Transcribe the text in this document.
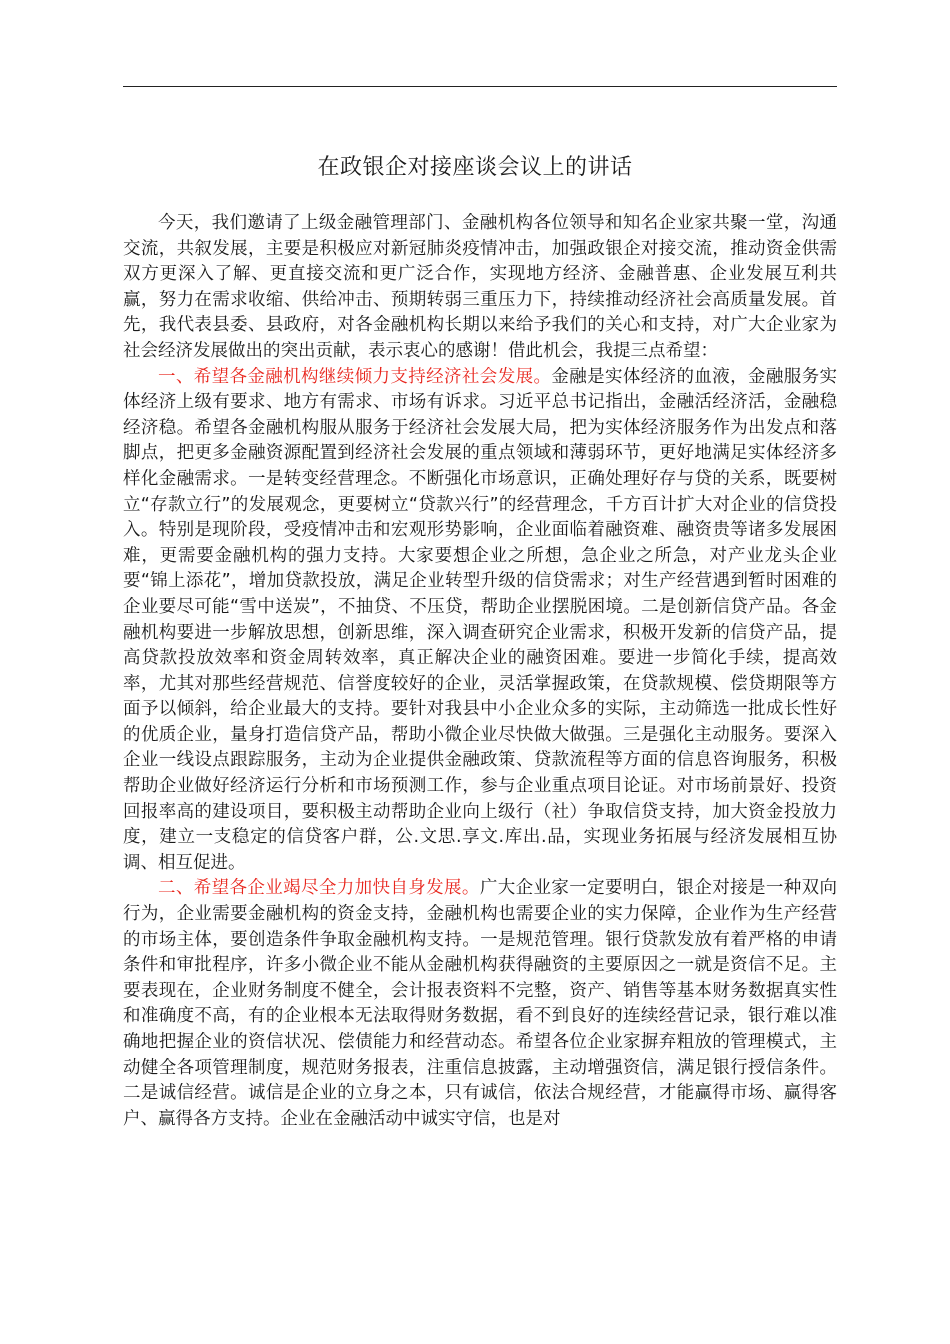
在政银企对接座谈会议上的讲话

今天，我们邀请了上级金融管理部门、金融机构各位领导和知名企业家共聚一堂，沟通交流，共叙发展，主要是积极应对新冠肺炎疫情冲击，加强政银企对接交流，推动资金供需双方更深入了解、更直接交流和更广泛合作，实现地方经济、金融普惠、企业发展互利共赢，努力在需求收缩、供给冲击、预期转弱三重压力下，持续推动经济社会高质量发展。首先，我代表县委、县政府，对各金融机构长期以来给予我们的关心和支持，对广大企业家为社会经济发展做出的突出贡献，表示衷心的感谢！借此机会，我提三点希望：

一、希望各金融机构继续倾力支持经济社会发展。金融是实体经济的血液，金融服务实体经济上级有要求、地方有需求、市场有诉求。习近平总书记指出，金融活经济活，金融稳经济稳。希望各金融机构服从服务于经济社会发展大局，把为实体经济服务作为出发点和落脚点，把更多金融资源配置到经济社会发展的重点领域和薄弱环节，更好地满足实体经济多样化金融需求。一是转变经营理念。不断强化市场意识，正确处理好存与贷的关系，既要树立“存款立行”的发展观念，更要树立“贷款兴行”的经营理念，千方百计扩大对企业的信贷投入。特别是现阶段，受疫情冲击和宏观形势影响，企业面临着融资难、融资贵等诸多发展困难，更需要金融机构的强力支持。大家要想企业之所想，急企业之所急，对产业龙头企业要“锦上添花”，增加贷款投放，满足企业转型升级的信贷需求；对生产经营遇到暂时困难的企业要尽可能“雪中送炭”，不抽贷、不压贷，帮助企业摆脱困境。二是创新信贷产品。各金融机构要进一步解放思想，创新思维，深入调查研究企业需求，积极开发新的信贷产品，提高贷款投放效率和资金周转效率，真正解决企业的融资困难。要进一步简化手续，提高效率，尤其对那些经营规范、信誉度较好的企业，灵活掌握政策，在贷款规模、偿贷期限等方面予以倾斜，给企业最大的支持。要针对我县中小企业众多的实际，主动筛选一批成长性好的优质企业，量身打造信贷产品，帮助小微企业尽快做大做强。三是强化主动服务。要深入企业一线设点跟踪服务，主动为企业提供金融政策、贷款流程等方面的信息咨询服务，积极帮助企业做好经济运行分析和市场预测工作，参与企业重点项目论证。对市场前景好、投资回报率高的建设项目，要积极主动帮助企业向上级行（社）争取信贷支持，加大资金投放力度，建立一支稳定的信贷客户群，公.文思.享文.库出.品，实现业务拓展与经济发展相互协调、相互促进。

二、希望各企业竭尽全力加快自身发展。广大企业家一定要明白，银企对接是一种双向行为，企业需要金融机构的资金支持，金融机构也需要企业的实力保障，企业作为生产经营的市场主体，要创造条件争取金融机构支持。一是规范管理。银行贷款发放有着严格的申请条件和审批程序，许多小微企业不能从金融机构获得融资的主要原因之一就是资信不足。主要表现在，企业财务制度不健全，会计报表资料不完整，资产、销售等基本财务数据真实性和准确度不高，有的企业根本无法取得财务数据，看不到良好的连续经营记录，银行难以准确地把握企业的资信状况、偿债能力和经营动态。希望各位企业家摒弃粗放的管理模式，主动健全各项管理制度，规范财务报表，注重信息披露，主动增强资信，满足银行授信条件。二是诚信经营。诚信是企业的立身之本，只有诚信，依法合规经营，才能赢得市场、赢得客户、赢得各方支持。企业在金融活动中诚实守信，也是对
